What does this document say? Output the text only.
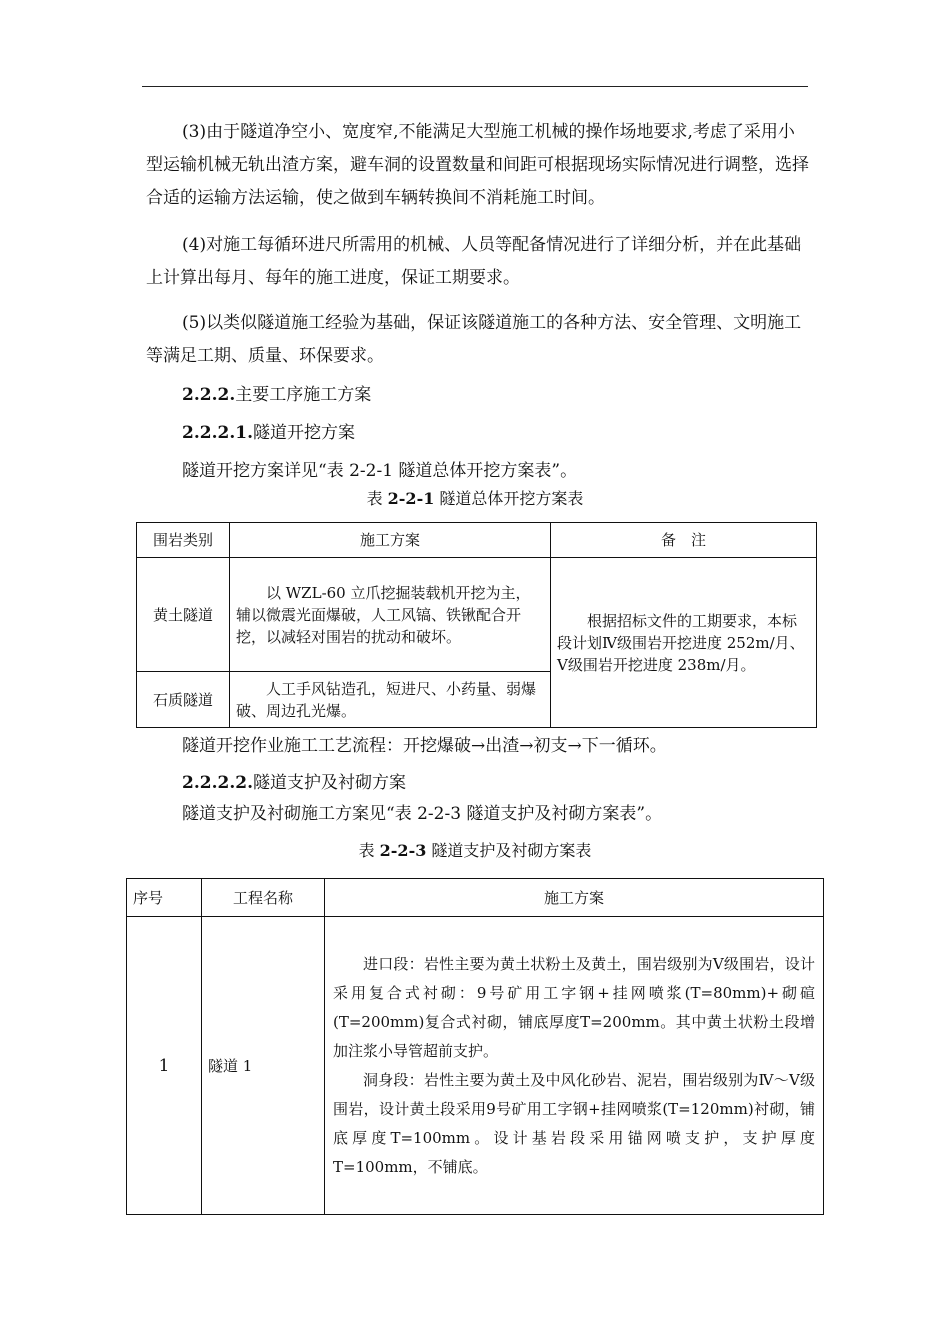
(3)由于隧道净空小、宽度窄,不能满足大型施工机械的操作场地要求,考虑了采用小型运输机械无轨出渣方案，避车洞的设置数量和间距可根据现场实际情况进行调整，选择合适的运输方法运输，使之做到车辆转换间不消耗施工时间。

(4)对施工每循环进尺所需用的机械、人员等配备情况进行了详细分析，并在此基础上计算出每月、每年的施工进度，保证工期要求。

(5)以类似隧道施工经验为基础，保证该隧道施工的各种方法、安全管理、文明施工等满足工期、质量、环保要求。

2.2.2.主要工序施工方案

2.2.2.1.隧道开挖方案

隧道开挖方案详见“表 2-2-1 隧道总体开挖方案表”。

表 2-2-1 隧道总体开挖方案表
围岩类别	施工方案	备　注
黄土隧道	以 WZL-60 立爪挖掘装载机开挖为主，辅以微震光面爆破，人工风镐、铁锹配合开挖，以减轻对围岩的扰动和破坏。	根据招标文件的工期要求，本标段计划Ⅳ级围岩开挖进度 252m/月、Ⅴ级围岩开挖进度 238m/月。
石质隧道	人工手风钻造孔，短进尺、小药量、弱爆破、周边孔光爆。	

隧道开挖作业施工工艺流程：开挖爆破→出渣→初支→下一循环。

2.2.2.2.隧道支护及衬砌方案

隧道支护及衬砌施工方案见“表 2-2-3 隧道支护及衬砌方案表”。

表 2-2-3 隧道支护及衬砌方案表
序号	工程名称	施工方案
1	隧道 1	进口段：岩性主要为黄土状粉土及黄土，围岩级别为Ⅴ级围岩，设计采用复合式衬砌：9号矿用工字钢+挂网喷浆(T=80mm)+砌碹(T=200mm)复合式衬砌，铺底厚度T=200mm。其中黄土状粉土段增加注浆小导管超前支护。

洞身段：岩性主要为黄土及中风化砂岩、泥岩，围岩级别为Ⅳ～Ⅴ级围岩，设计黄土段采用9号矿用工字钢+挂网喷浆(T=120mm)衬砌，铺底厚度T=100mm。设计基岩段采用锚网喷支护，支护厚度T=100mm，不铺底。
